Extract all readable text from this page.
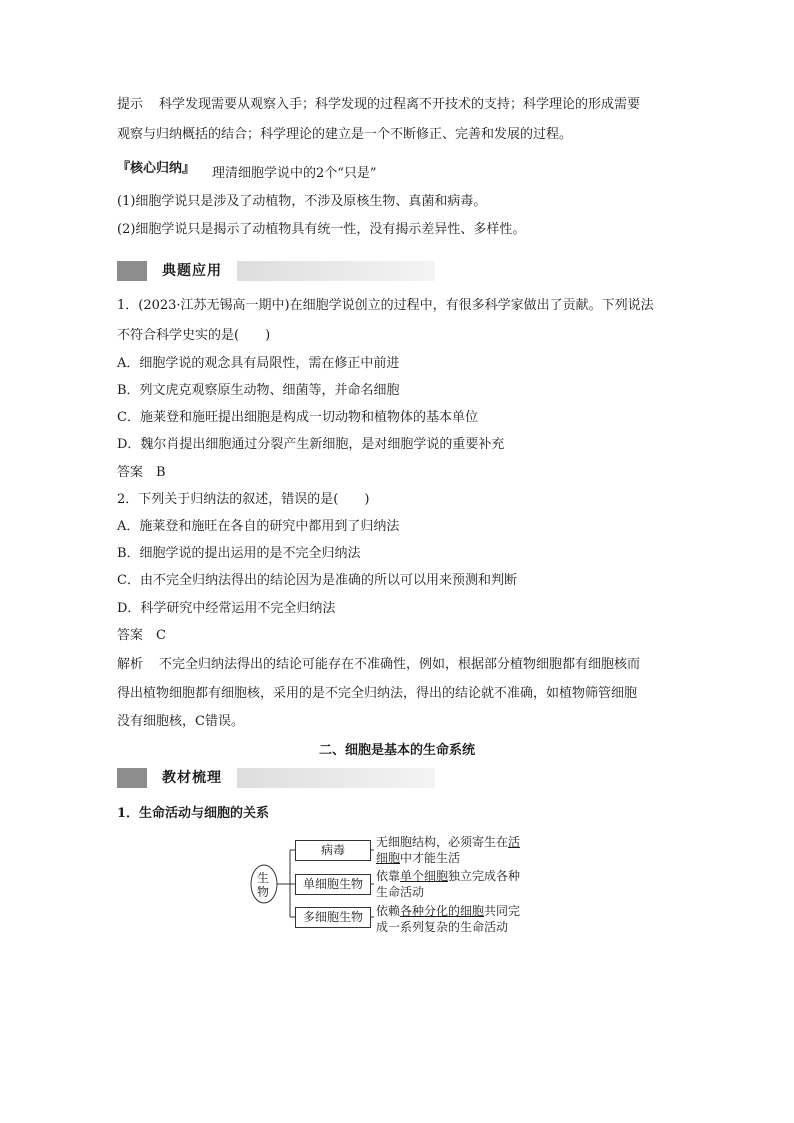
提示 科学发现需要从观察入手；科学发现的过程离不开技术的支持；科学理论的形成需要
观察与归纳概括的结合；科学理论的建立是一个不断修正、完善和发展的过程。
『核心归纳』 理清细胞学说中的2个“只是”
(1)细胞学说只是涉及了动植物，不涉及原核生物、真菌和病毒。
(2)细胞学说只是揭示了动植物具有统一性，没有揭示差异性、多样性。
典题应用
1．(2023·江苏无锡高一期中)在细胞学说创立的过程中，有很多科学家做出了贡献。下列说法
不符合科学史实的是(　　)
A．细胞学说的观念具有局限性，需在修正中前进
B．列文虎克观察原生动物、细菌等，并命名细胞
C．施莱登和施旺提出细胞是构成一切动物和植物体的基本单位
D．魏尔肖提出细胞通过分裂产生新细胞，是对细胞学说的重要补充
答案　B
2．下列关于归纳法的叙述，错误的是(　　)
A．施莱登和施旺在各自的研究中都用到了归纳法
B．细胞学说的提出运用的是不完全归纳法
C．由不完全归纳法得出的结论因为是准确的所以可以用来预测和判断
D．科学研究中经常运用不完全归纳法
答案　C
解析 不完全归纳法得出的结论可能存在不准确性，例如，根据部分植物细胞都有细胞核而
得出植物细胞都有细胞核，采用的是不完全归纳法，得出的结论就不准确，如植物筛管细胞
没有细胞核，C错误。
二、细胞是基本的生命系统
教材梳理
1．生命活动与细胞的关系
生
物
病毒
单细胞生物
多细胞生物
无细胞结构，必须寄生在活
细胞中才能生活
依靠单个细胞独立完成各种
生命活动
依赖各种分化的细胞共同完
成一系列复杂的生命活动
